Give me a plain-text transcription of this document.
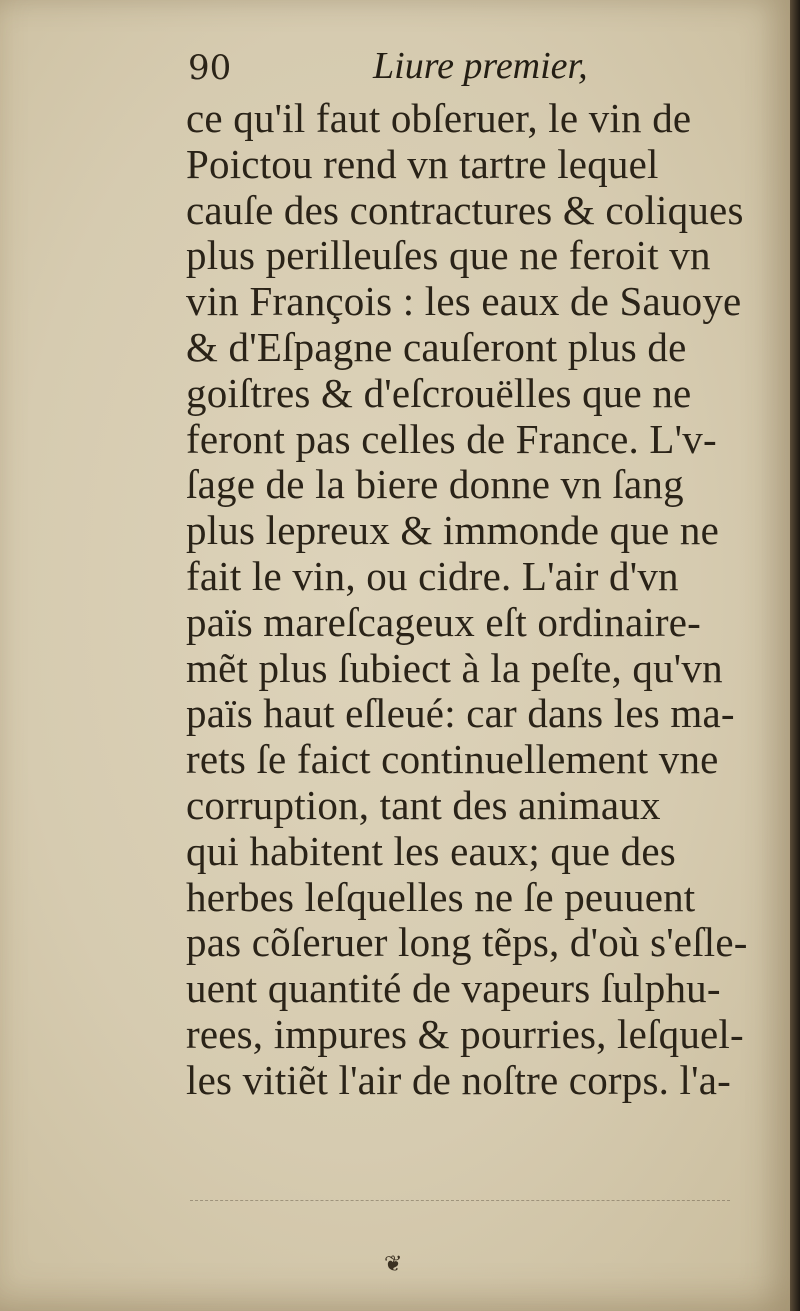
90	Liure premier,
ce qu'il faut obſeruer, le vin de
Poictou rend vn tartre lequel
cauſe des contractures & coliques
plus perilleuſes que ne feroit vn
vin François : les eaux de Sauoye
& d'Eſpagne cauſeront plus de
goiſtres & d'eſcrouëlles que ne
feront pas celles de France. L'v-
ſage de la biere donne vn ſang
plus lepreux & immonde que ne
fait le vin, ou cidre. L'air d'vn
païs mareſcageux eſt ordinaire-
mẽt plus ſubiect à la peſte, qu'vn
païs haut eſleué: car dans les ma-
rets ſe faict continuellement vne
corruption, tant des animaux
qui habitent les eaux; que des
herbes leſquelles ne ſe peuuent
pas cõſeruer long tẽps, d'où s'eſle-
uent quantité de vapeurs ſulphu-
rees, impures & pourries, leſquel-
les vitiẽt l'air de noſtre corps. l'a-
❦
